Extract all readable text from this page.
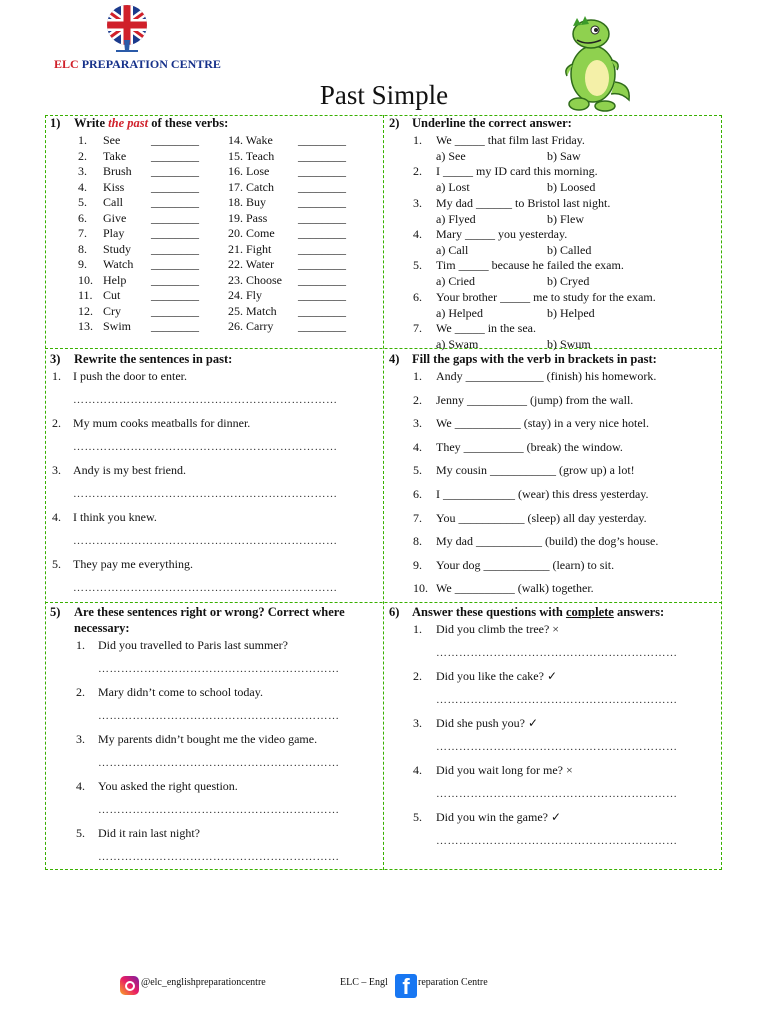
ELC PREPARATION CENTRE
Past Simple
1) Write the past of these verbs:
1. See	________
2. Take ________
3. Brush ________
4. Kiss ________
5. Call ________
6. Give ________
7. Play ________
8. Study ________
9. Watch ________
10. Help ________
11. Cut	________
12. Cry	________
13. Swim ________
14. Wake ________
15. Teach ________
16. Lose ________
17. Catch ________
18. Buy	________
19. Pass	________
20. Come ________
21. Fight ________
22. Water ________
23. Choose ________
24. Fly	________
25. Match ________
26. Carry ________
2) Underline the correct answer:
1. We _____ that film last Friday.
a) See	b) Saw
2. I _____ my ID card this morning.
a) Lost	b) Loosed
3. My dad ______ to Bristol last night.
a) Flyed	b) Flew
4. Mary _____ you yesterday.
a) Call	b) Called
5. Tim _____ because he failed the exam.
a) Cried	b) Cryed
6. Your brother _____ me to study for the exam.
a) Helped	b) Helped
7. We _____ in the sea.
a) Swam	b) Swum
3) Rewrite the sentences in past:
1. I push the door to enter.
……………………………………………………………
2. My mum cooks meatballs for dinner.
……………………………………………………………
3. Andy is my best friend.
……………………………………………………………
4. I think you knew.
……………………………………………………………
5. They pay me everything.
……………………………………………………………
4) Fill the gaps with the verb in brackets in past:
1. Andy _____________ (finish) his homework.
2. Jenny __________ (jump) from the wall.
3. We ___________ (stay) in a very nice hotel.
4. They __________ (break) the window.
5. My cousin ___________ (grow up) a lot!
6. I ____________ (wear) this dress yesterday.
7. You ___________ (sleep) all day yesterday.
8. My dad ___________ (build) the dog’s house.
9. Your dog ___________ (learn) to sit.
10. We __________ (walk) together.
5) Are these sentences right or wrong? Correct where
necessary:
1. Did you travelled to Paris last summer?
………………………………………………………
2. Mary didn’t come to school today.
………………………………………………………
3. My parents didn’t bought me the video game.
………………………………………………………
4. You asked the right question.
………………………………………………………
5. Did it rain last night?
………………………………………………………
6) Answer these questions with complete answers:
1. Did you climb the tree? ×
………………………………………………………
2. Did you like the cake? ✓
………………………………………………………
3. Did she push you? ✓
………………………………………………………
4. Did you wait long for me? ×
………………………………………………………
5. Did you win the game? ✓
………………………………………………………
@elc_englishpreparationcentre	ELC – Engl f reparation Centre
